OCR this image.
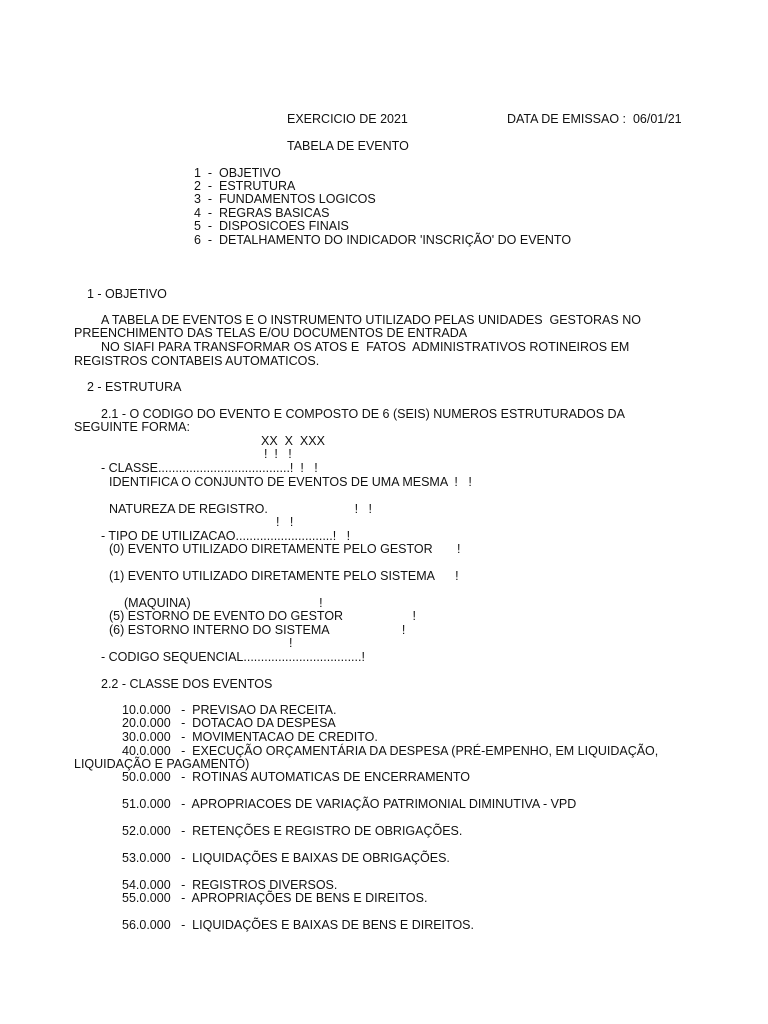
EXERCICIO DE 2021	DATA DE EMISSAO :  06/01/21
TABELA DE EVENTO
1  -  OBJETIVO
2  -  ESTRUTURA
3  -  FUNDAMENTOS LOGICOS
4  -  REGRAS BASICAS
5  -  DISPOSICOES FINAIS
6  -  DETALHAMENTO DO INDICADOR 'INSCRIÇÃO' DO EVENTO
1 - OBJETIVO
A TABELA DE EVENTOS E O INSTRUMENTO UTILIZADO PELAS UNIDADES  GESTORAS NO
PREENCHIMENTO DAS TELAS E/OU DOCUMENTOS DE ENTRADA
NO SIAFI PARA TRANSFORMAR OS ATOS E  FATOS  ADMINISTRATIVOS ROTINEIROS EM
REGISTROS CONTABEIS AUTOMATICOS.
2 - ESTRUTURA
2.1 - O CODIGO DO EVENTO E COMPOSTO DE 6 (SEIS) NUMEROS ESTRUTURADOS DA
SEGUINTE FORMA:
XX  X  XXX
!  !   !
- CLASSE......................................!  !   !
IDENTIFICA O CONJUNTO DE EVENTOS DE UMA MESMA  !   !
NATUREZA DE REGISTRO.                         !   !
!   !
- TIPO DE UTILIZACAO............................!   !
(0) EVENTO UTILIZADO DIRETAMENTE PELO GESTOR       !
(1) EVENTO UTILIZADO DIRETAMENTE PELO SISTEMA      !
(MAQUINA)                                     !
(5) ESTORNO DE EVENTO DO GESTOR                    !
(6) ESTORNO INTERNO DO SISTEMA                     !
!
- CODIGO SEQUENCIAL..................................!
2.2 - CLASSE DOS EVENTOS
10.0.000   -  PREVISAO DA RECEITA.
20.0.000   -  DOTACAO DA DESPESA
30.0.000   -  MOVIMENTACAO DE CREDITO.
40.0.000   -  EXECUÇÃO ORÇAMENTÁRIA DA DESPESA (PRÉ-EMPENHO, EM LIQUIDAÇÃO,
LIQUIDAÇÃO E PAGAMENTO)
50.0.000   -  ROTINAS AUTOMATICAS DE ENCERRAMENTO
51.0.000   -  APROPRIACOES DE VARIAÇÃO PATRIMONIAL DIMINUTIVA - VPD
52.0.000   -  RETENÇÕES E REGISTRO DE OBRIGAÇÕES.
53.0.000   -  LIQUIDAÇÕES E BAIXAS DE OBRIGAÇÕES.
54.0.000   -  REGISTROS DIVERSOS.
55.0.000   -  APROPRIAÇÕES DE BENS E DIREITOS.
56.0.000   -  LIQUIDAÇÕES E BAIXAS DE BENS E DIREITOS.
